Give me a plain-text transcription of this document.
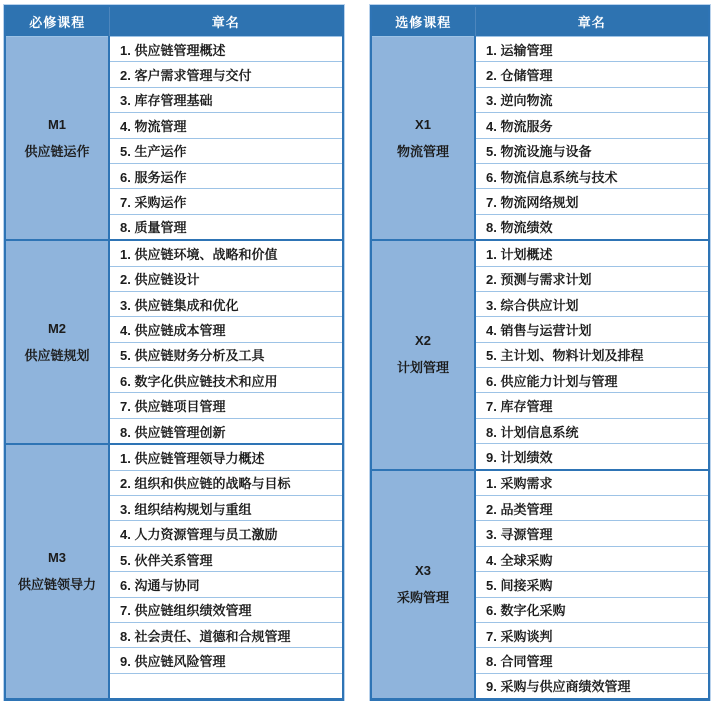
必修课程	章名

M1
供应链运作	1. 供应链管理概述
	2. 客户需求管理与交付
	3. 库存管理基础
	4. 物流管理
	5. 生产运作
	6. 服务运作
	7. 采购运作
	8. 质量管理

M2
供应链规划	1. 供应链环境、战略和价值
	2. 供应链设计
	3. 供应链集成和优化
	4. 供应链成本管理
	5. 供应链财务分析及工具
	6. 数字化供应链技术和应用
	7. 供应链项目管理
	8. 供应链管理创新

M3
供应链领导力	1. 供应链管理领导力概述
	2. 组织和供应链的战略与目标
	3. 组织结构规划与重组
	4. 人力资源管理与员工激励
	5. 伙伴关系管理
	6. 沟通与协同
	7. 供应链组织绩效管理
	8. 社会责任、道德和合规管理
	9. 供应链风险管理

选修课程	章名

X1
物流管理	1. 运输管理
	2. 仓储管理
	3. 逆向物流
	4. 物流服务
	5. 物流设施与设备
	6. 物流信息系统与技术
	7. 物流网络规划
	8. 物流绩效

X2
计划管理	1. 计划概述
	2. 预测与需求计划
	3. 综合供应计划
	4. 销售与运营计划
	5. 主计划、物料计划及排程
	6. 供应能力计划与管理
	7. 库存管理
	8. 计划信息系统
	9. 计划绩效

X3
采购管理	1. 采购需求
	2. 品类管理
	3. 寻源管理
	4. 全球采购
	5. 间接采购
	6. 数字化采购
	7. 采购谈判
	8. 合同管理
	9. 采购与供应商绩效管理
